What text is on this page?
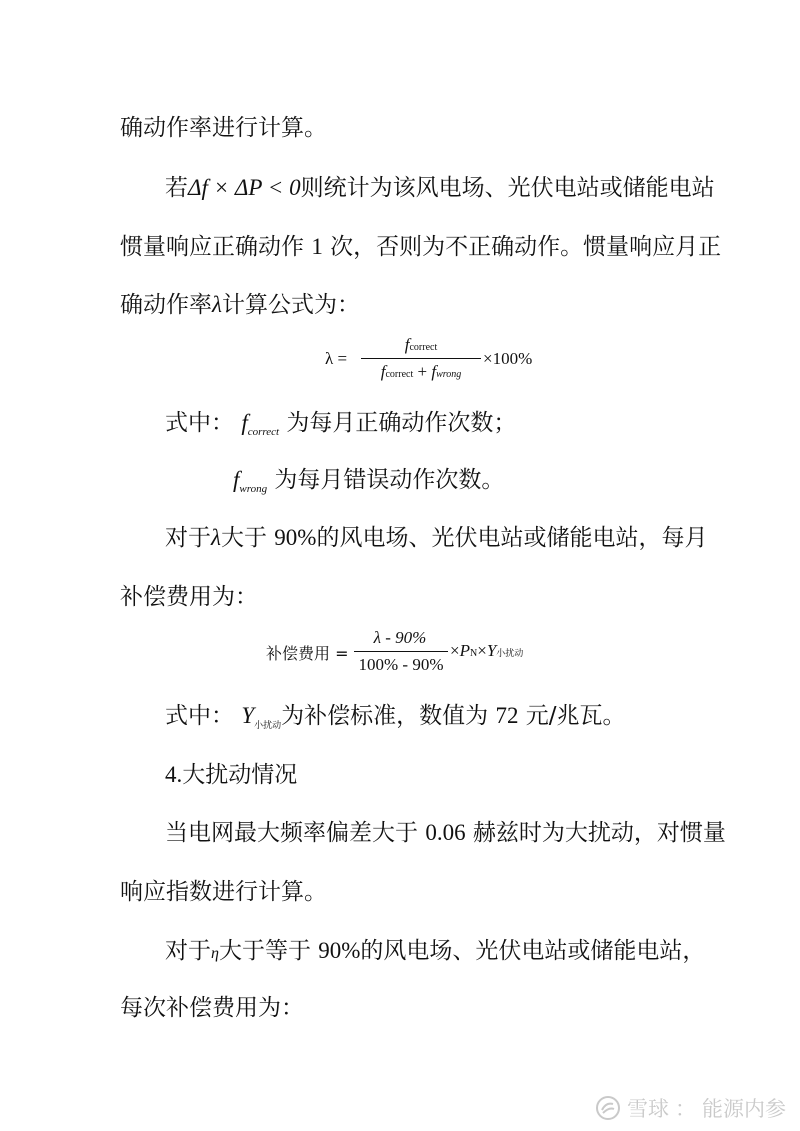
确动作率进行计算。
若Δf × ΔP < 0则统计为该风电场、光伏电站或储能电站
惯量响应正确动作 1 次，否则为不正确动作。惯量响应月正
确动作率λ计算公式为：
λ =
fcorrect
fcorrect + fwrong
×100%
式中： $f_{correct}$ 为每月正确动作次数；
$f_{wrong}$ 为每月错误动作次数。
对于λ大于 90%的风电场、光伏电站或储能电站，每月
补偿费用为：
补偿费用 =
λ - 90%
100% - 90%
×PN×Y小扰动
式中： $Y_{小扰动}$为补偿标准，数值为 72 元/兆瓦。
4.大扰动情况
当电网最大频率偏差大于 0.06 赫兹时为大扰动，对惯量
响应指数进行计算。
对于η大于等于 90%的风电场、光伏电站或储能电站，
每次补偿费用为：
雪球 ： 能源内参
